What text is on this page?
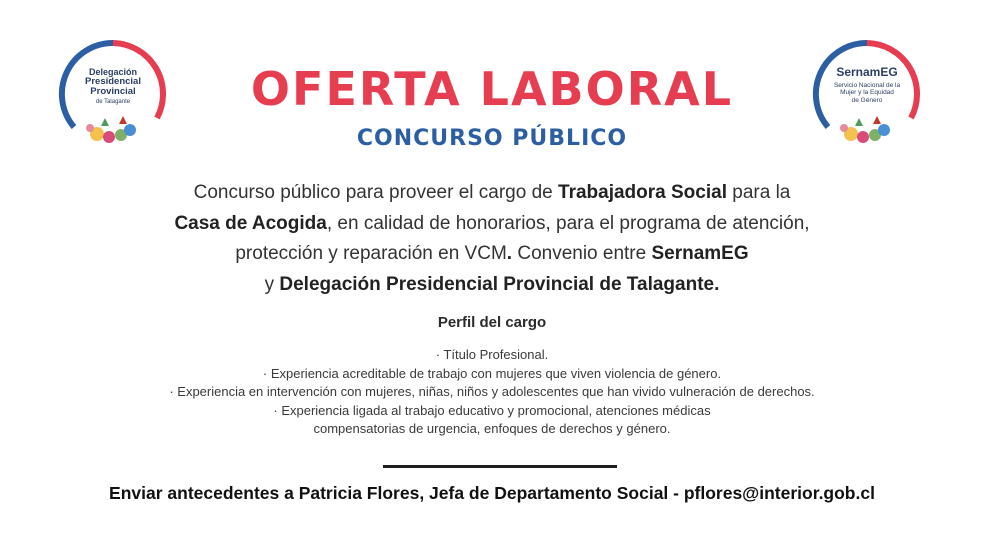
Delegación
Presidencial Provincial
de Talagante
SernamEG
Servicio Nacional de la
Mujer y la Equidad
de Género
OFERTA LABORAL
CONCURSO PÚBLICO

Concurso público para proveer el cargo de Trabajadora Social para la
Casa de Acogida, en calidad de honorarios, para el programa de atención,
protección y reparación en VCM. Convenio entre SernamEG
y Delegación Presidencial Provincial de Talagante.

Perfil del cargo
· Título Profesional.
· Experiencia acreditable de trabajo con mujeres que viven violencia de género.
· Experiencia en intervención con mujeres, niñas, niños y adolescentes que han vivido vulneración de derechos.
· Experiencia ligada al trabajo educativo y promocional, atenciones médicas
compensatorias de urgencia, enfoques de derechos y género.

Enviar antecedentes a Patricia Flores, Jefa de Departamento Social - pflores@interior.gob.cl
